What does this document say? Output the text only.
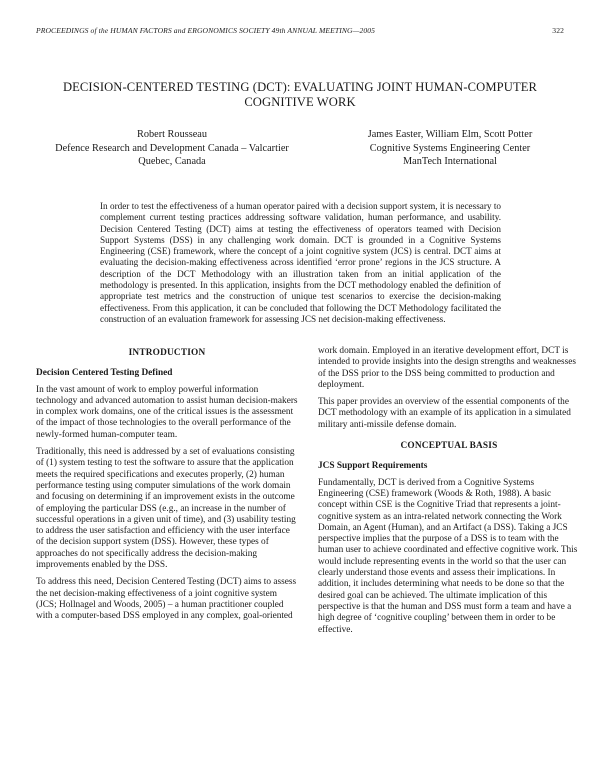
PROCEEDINGS of the HUMAN FACTORS and ERGONOMICS SOCIETY 49th ANNUAL MEETING—2005	322
DECISION-CENTERED TESTING (DCT): EVALUATING JOINT HUMAN-COMPUTER
COGNITIVE WORK
Robert Rousseau
Defence Research and Development Canada – Valcartier
Quebec, Canada
James Easter, William Elm, Scott Potter
Cognitive Systems Engineering Center
ManTech International
In order to test the effectiveness of a human operator paired with a decision support system, it is necessary to complement current testing practices addressing software validation, human performance, and usability. Decision Centered Testing (DCT) aims at testing the effectiveness of operators teamed with Decision Support Systems (DSS) in any challenging work domain. DCT is grounded in a Cognitive Systems Engineering (CSE) framework, where the concept of a joint cognitive system (JCS) is central. DCT aims at evaluating the decision-making effectiveness across identified ‘error prone’ regions in the JCS structure. A description of the DCT Methodology with an illustration taken from an initial application of the methodology is presented. In this application, insights from the DCT methodology enabled the definition of appropriate test metrics and the construction of unique test scenarios to exercise the decision-making effectiveness. From this application, it can be concluded that following the DCT Methodology facilitated the construction of an evaluation framework for assessing JCS net decision-making effectiveness.
INTRODUCTION
Decision Centered Testing Defined

In the vast amount of work to employ powerful information technology and advanced automation to assist human decision-makers in complex work domains, one of the critical issues is the assessment of the impact of those technologies to the overall performance of the newly-formed human-computer team.

Traditionally, this need is addressed by a set of evaluations consisting of (1) system testing to test the software to assure that the application meets the required specifications and executes properly, (2) human performance testing using computer simulations of the work domain and focusing on determining if an improvement exists in the outcome of employing the particular DSS (e.g., an increase in the number of successful operations in a given unit of time), and (3) usability testing to address the user satisfaction and efficiency with the user interface of the decision support system (DSS). However, these types of approaches do not specifically address the decision-making improvements enabled by the DSS.

To address this need, Decision Centered Testing (DCT) aims to assess the net decision-making effectiveness of a joint cognitive system (JCS; Hollnagel and Woods, 2005) – a human practitioner coupled with a computer-based DSS employed in any complex, goal-oriented

work domain. Employed in an iterative development effort, DCT is intended to provide insights into the design strengths and weaknesses of the DSS prior to the DSS being committed to production and deployment.

This paper provides an overview of the essential components of the DCT methodology with an example of its application in a simulated military anti-missile defense domain.

CONCEPTUAL BASIS
JCS Support Requirements

Fundamentally, DCT is derived from a Cognitive Systems Engineering (CSE) framework (Woods & Roth, 1988). A basic concept within CSE is the Cognitive Triad that represents a joint-cognitive system as an intra-related network connecting the Work Domain, an Agent (Human), and an Artifact (a DSS). Taking a JCS perspective implies that the purpose of a DSS is to team with the human user to achieve coordinated and effective cognitive work. This would include representing events in the world so that the user can clearly understand those events and assess their implications. In addition, it includes determining what needs to be done so that the desired goal can be achieved. The ultimate implication of this perspective is that the human and DSS must form a team and have a high degree of ‘cognitive coupling’ between them in order to be effective.
